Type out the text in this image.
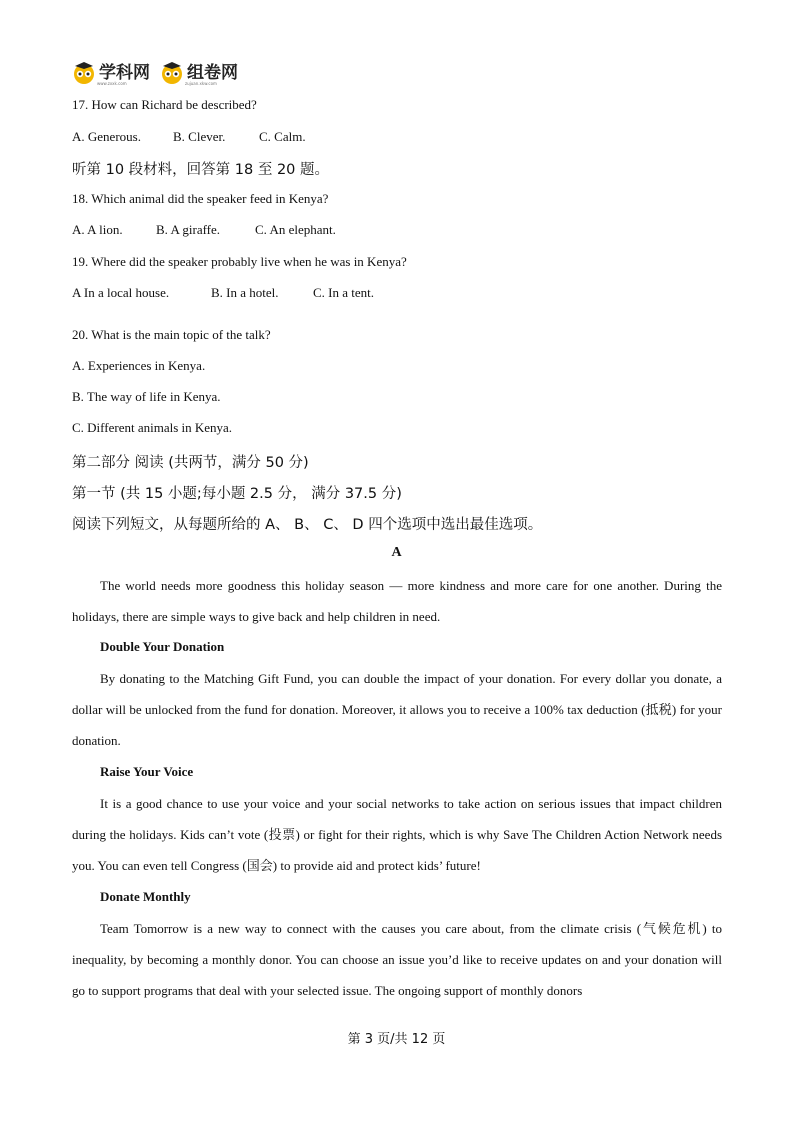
学科网
www.zxxk.com
组卷网
zujuan.xkw.com
17. How can Richard be described?
A. Generous. B. Clever.	C. Calm.
听第 10 段材料，回答第 18 至 20 题。
18. Which animal did the speaker feed in Kenya?
A. A lion.	B. A giraffe.	C. An elephant.
19. Where did the speaker probably live when he was in Kenya?
A In a local house.	B. In a hotel.	C. In a tent.
20. What is the main topic of the talk?
A. Experiences in Kenya.
B. The way of life in Kenya.
C. Different animals in Kenya.
第二部分 阅读 (共两节，满分 50 分)
第一节 (共 15 小题;每小题 2.5 分， 满分 37.5 分)
阅读下列短文，从每题所给的 A、 B、 C、 D 四个选项中选出最佳选项。
A
The world needs more goodness this holiday season — more kindness and more care for one another. During the holidays, there are simple ways to give back and help children in need.
Double Your Donation
By donating to the Matching Gift Fund, you can double the impact of your donation. For every dollar you donate, a dollar will be unlocked from the fund for donation. Moreover, it allows you to receive a 100% tax deduction (抵税) for your donation.
Raise Your Voice
It is a good chance to use your voice and your social networks to take action on serious issues that impact children during the holidays. Kids can’t vote (投票) or fight for their rights, which is why Save The Children Action Network needs you. You can even tell Congress (国会) to provide aid and protect kids’ future!
Donate Monthly
Team Tomorrow is a new way to connect with the causes you care about, from the climate crisis (气候危机) to inequality, by becoming a monthly donor. You can choose an issue you’d like to receive updates on and your donation will go to support programs that deal with your selected issue. The ongoing support of monthly donors
第 3 页/共 12 页
